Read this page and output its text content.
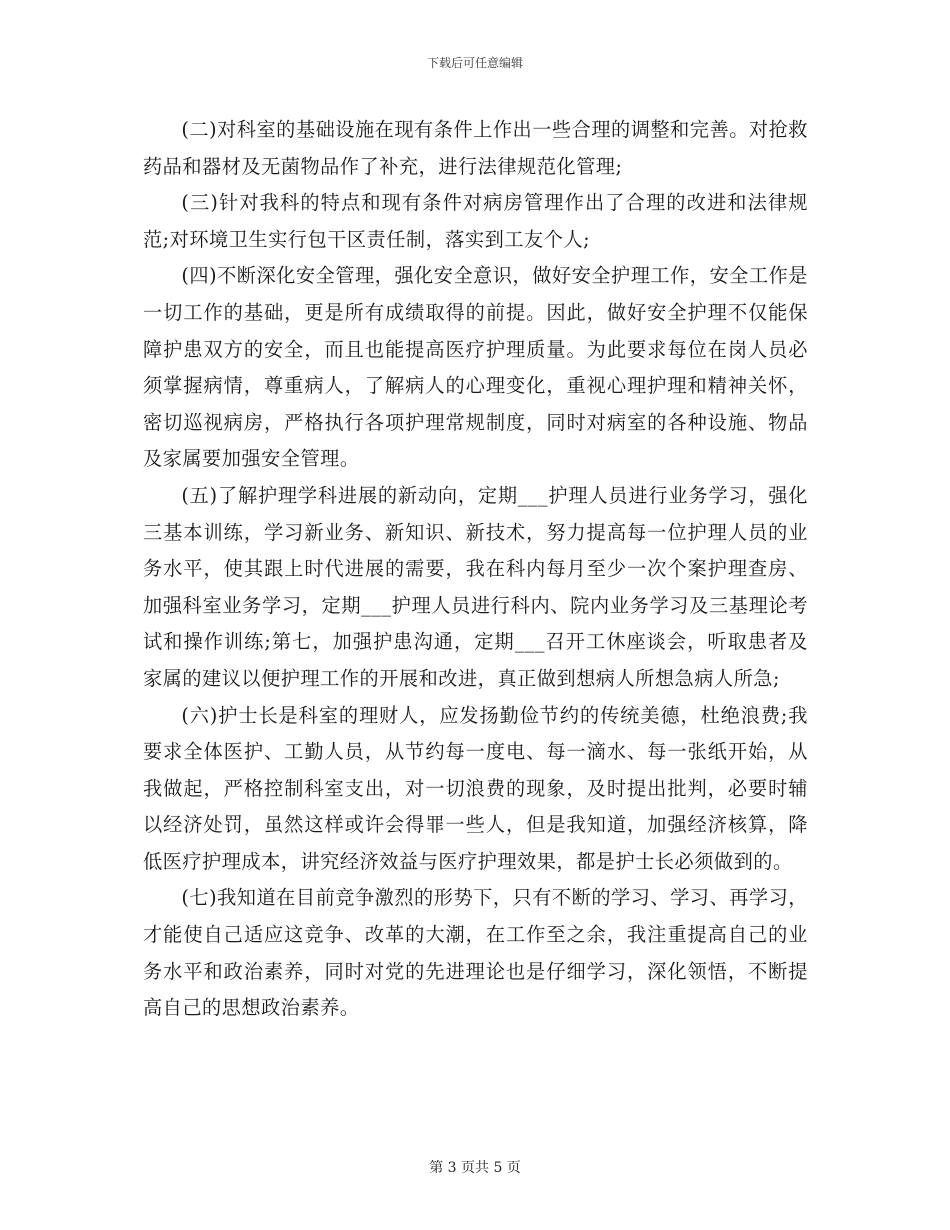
下载后可任意编辑

(二)对科室的基础设施在现有条件上作出一些合理的调整和完善。对抢救药品和器材及无菌物品作了补充，进行法律规范化管理;

(三)针对我科的特点和现有条件对病房管理作出了合理的改进和法律规范;对环境卫生实行包干区责任制，落实到工友个人;

(四)不断深化安全管理，强化安全意识，做好安全护理工作，安全工作是一切工作的基础，更是所有成绩取得的前提。因此，做好安全护理不仅能保障护患双方的安全，而且也能提高医疗护理质量。为此要求每位在岗人员必须掌握病情，尊重病人，了解病人的心理变化，重视心理护理和精神关怀，密切巡视病房，严格执行各项护理常规制度，同时对病室的各种设施、物品及家属要加强安全管理。

(五)了解护理学科进展的新动向，定期___护理人员进行业务学习，强化三基本训练，学习新业务、新知识、新技术，努力提高每一位护理人员的业务水平，使其跟上时代进展的需要，我在科内每月至少一次个案护理查房、加强科室业务学习，定期___护理人员进行科内、院内业务学习及三基理论考试和操作训练;第七，加强护患沟通，定期___召开工休座谈会，听取患者及家属的建议以便护理工作的开展和改进，真正做到想病人所想急病人所急;

(六)护士长是科室的理财人，应发扬勤俭节约的传统美德，杜绝浪费;我要求全体医护、工勤人员，从节约每一度电、每一滴水、每一张纸开始，从我做起，严格控制科室支出，对一切浪费的现象，及时提出批判，必要时辅以经济处罚，虽然这样或许会得罪一些人，但是我知道，加强经济核算，降低医疗护理成本，讲究经济效益与医疗护理效果，都是护士长必须做到的。

(七)我知道在目前竞争激烈的形势下，只有不断的学习、学习、再学习，才能使自己适应这竞争、改革的大潮，在工作至之余，我注重提高自己的业务水平和政治素养，同时对党的先进理论也是仔细学习，深化领悟，不断提高自己的思想政治素养。

第 3 页共 5 页
